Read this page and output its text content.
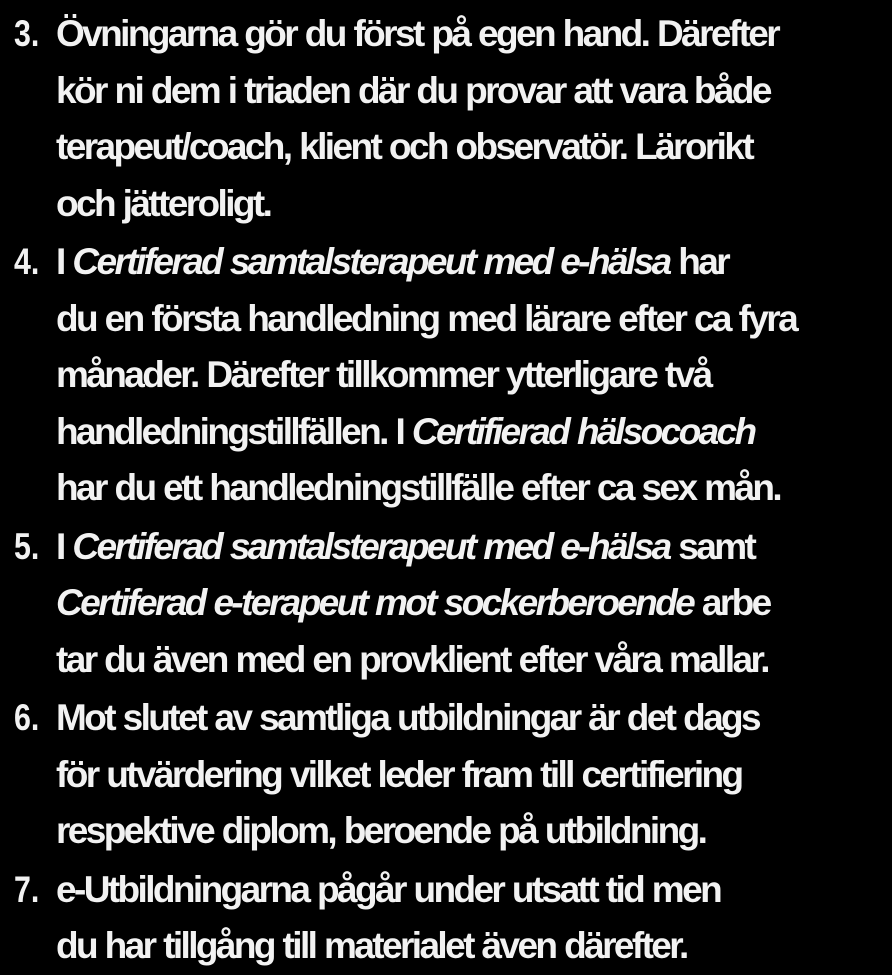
3. Övningarna gör du först på egen hand. Därefter
kör ni dem i triaden där du provar att vara både
terapeut/coach, klient och observatör. Lärorikt
och jätteroligt.
4. I Certiferad samtalsterapeut med e-hälsa har
du en första handledning med lärare efter ca fyra
månader. Därefter tillkommer ytterligare två
handledningstillfällen. I Certifierad hälsocoach
har du ett handledningstillfälle efter ca sex mån.
5. I Certiferad samtalsterapeut med e-hälsa samt
Certiferad e-terapeut mot sockerberoende arbe
tar du även med en provklient efter våra mallar.
6. Mot slutet av samtliga utbildningar är det dags
för utvärdering vilket leder fram till certifiering
respektive diplom, beroende på utbildning.
7. e-Utbildningarna pågår under utsatt tid men
du har tillgång till materialet även därefter.
